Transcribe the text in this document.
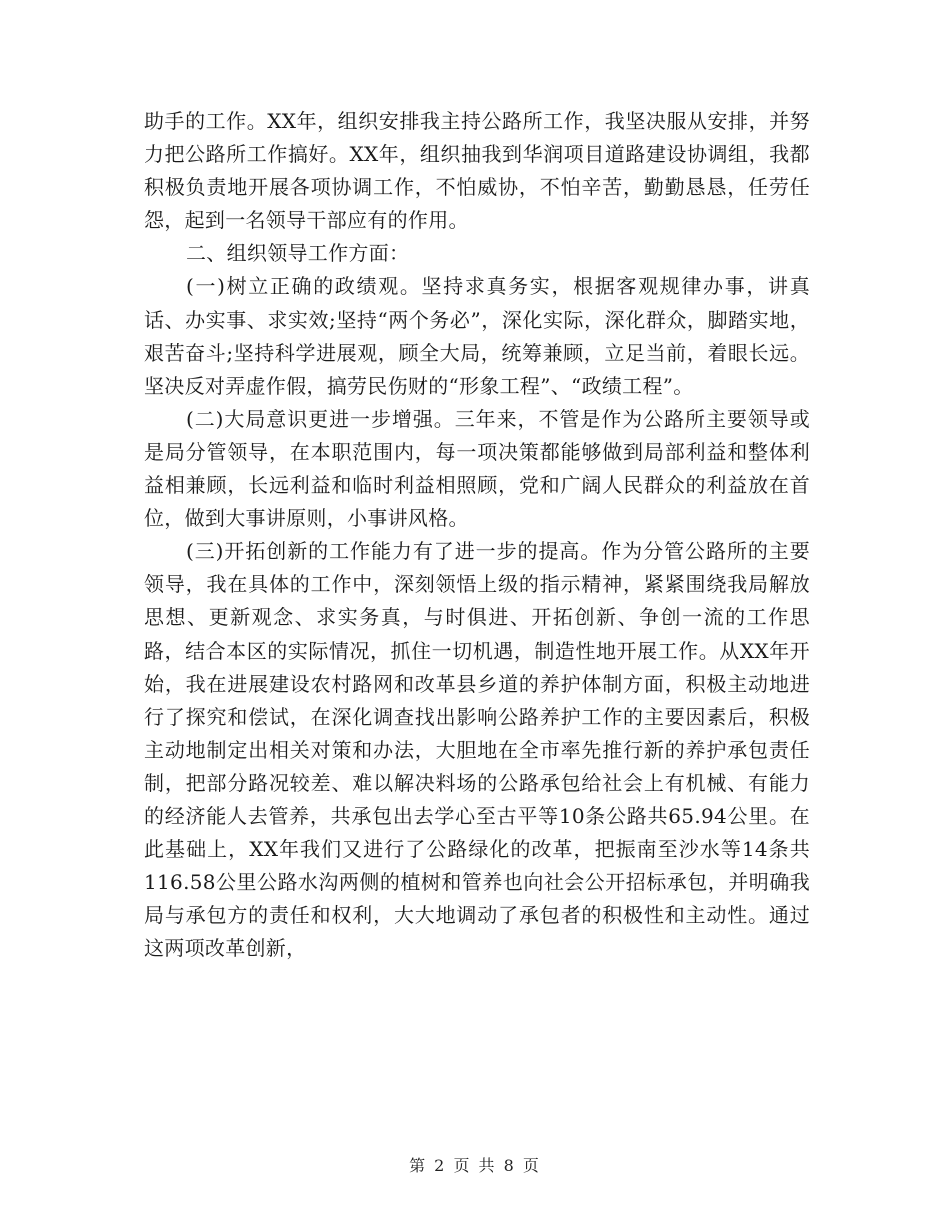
助手的工作。XX年，组织安排我主持公路所工作，我坚决服从安排，并努力把公路所工作搞好。XX年，组织抽我到华润项目道路建设协调组，我都积极负责地开展各项协调工作，不怕威协，不怕辛苦，勤勤恳恳，任劳任怨，起到一名领导干部应有的作用。

二、组织领导工作方面：

(一)树立正确的政绩观。坚持求真务实，根据客观规律办事，讲真话、办实事、求实效;坚持“两个务必”，深化实际，深化群众，脚踏实地，艰苦奋斗;坚持科学进展观，顾全大局，统筹兼顾，立足当前，着眼长远。坚决反对弄虚作假，搞劳民伤财的“形象工程”、“政绩工程”。

(二)大局意识更进一步增强。三年来，不管是作为公路所主要领导或是局分管领导，在本职范围内，每一项决策都能够做到局部利益和整体利益相兼顾，长远利益和临时利益相照顾，党和广阔人民群众的利益放在首位，做到大事讲原则，小事讲风格。

(三)开拓创新的工作能力有了进一步的提高。作为分管公路所的主要领导，我在具体的工作中，深刻领悟上级的指示精神，紧紧围绕我局解放思想、更新观念、求实务真，与时俱进、开拓创新、争创一流的工作思路，结合本区的实际情况，抓住一切机遇，制造性地开展工作。从XX年开始，我在进展建设农村路网和改革县乡道的养护体制方面，积极主动地进行了探究和偿试，在深化调查找出影响公路养护工作的主要因素后，积极主动地制定出相关对策和办法，大胆地在全市率先推行新的养护承包责任制，把部分路况较差、难以解决料场的公路承包给社会上有机械、有能力的经济能人去管养，共承包出去学心至古平等10条公路共65.94公里。在此基础上，XX年我们又进行了公路绿化的改革，把振南至沙水等14条共116.58公里公路水沟两侧的植树和管养也向社会公开招标承包，并明确我局与承包方的责任和权利，大大地调动了承包者的积极性和主动性。通过这两项改革创新，

第 2 页 共 8 页
